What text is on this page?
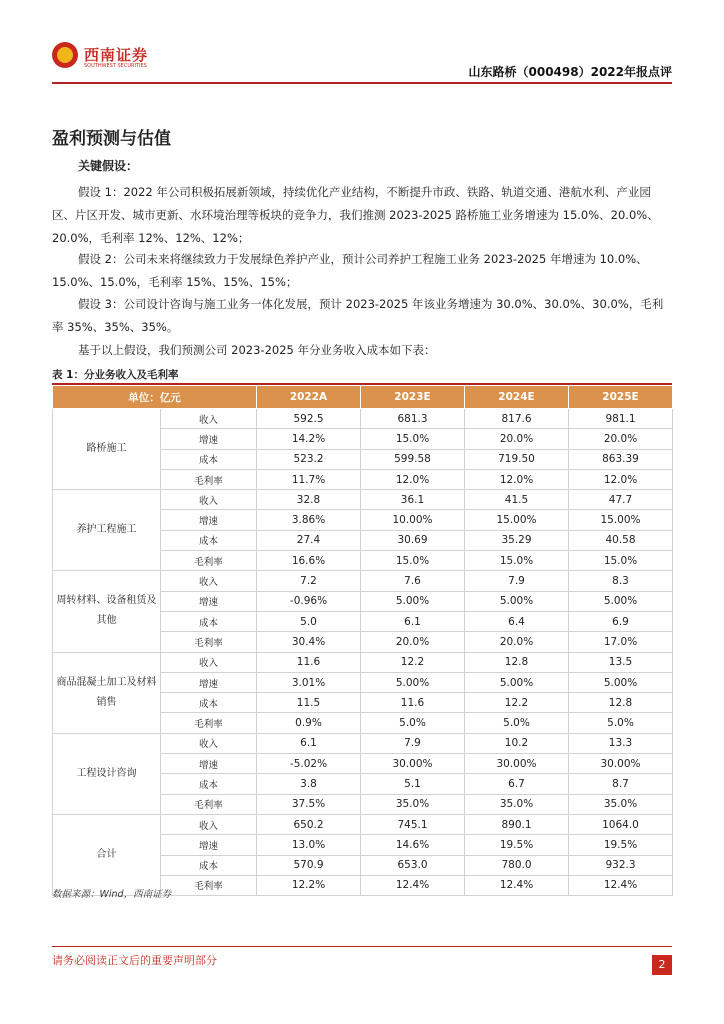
西南证券
SOUTHWEST SECURITIES	山东路桥（000498）2022年报点评
盈利预测与估值
关键假设：
假设 1：2022 年公司积极拓展新领域，持续优化产业结构，不断提升市政、铁路、轨道交通、港航水利、产业园区、片区开发、城市更新、水环境治理等板块的竞争力，我们推测 2023-2025 路桥施工业务增速为 15.0%、20.0%、20.0%，毛利率 12%、12%、12%；
假设 2：公司未来将继续致力于发展绿色养护产业，预计公司养护工程施工业务 2023-2025 年增速为 10.0%、15.0%、15.0%，毛利率 15%、15%、15%；
假设 3：公司设计咨询与施工业务一体化发展，预计 2023-2025 年该业务增速为 30.0%、30.0%、30.0%，毛利率 35%、35%、35%。
基于以上假设，我们预测公司 2023-2025 年分业务收入成本如下表：
表 1：分业务收入及毛利率
单位：亿元		2022A	2023E	2024E	2025E
路桥施工	收入	592.5	681.3	817.6	981.1
	增速	14.2%	15.0%	20.0%	20.0%
	成本	523.2	599.58	719.50	863.39
	毛利率	11.7%	12.0%	12.0%	12.0%
养护工程施工	收入	32.8	36.1	41.5	47.7
	增速	3.86%	10.00%	15.00%	15.00%
	成本	27.4	30.69	35.29	40.58
	毛利率	16.6%	15.0%	15.0%	15.0%
周转材料、设备租赁及其他	收入	7.2	7.6	7.9	8.3
	增速	-0.96%	5.00%	5.00%	5.00%
	成本	5.0	6.1	6.4	6.9
	毛利率	30.4%	20.0%	20.0%	17.0%
商品混凝土加工及材料销售	收入	11.6	12.2	12.8	13.5
	增速	3.01%	5.00%	5.00%	5.00%
	成本	11.5	11.6	12.2	12.8
	毛利率	0.9%	5.0%	5.0%	5.0%
工程设计咨询	收入	6.1	7.9	10.2	13.3
	增速	-5.02%	30.00%	30.00%	30.00%
	成本	3.8	5.1	6.7	8.7
	毛利率	37.5%	35.0%	35.0%	35.0%
合计	收入	650.2	745.1	890.1	1064.0
	增速	13.0%	14.6%	19.5%	19.5%
	成本	570.9	653.0	780.0	932.3
	毛利率	12.2%	12.4%	12.4%	12.4%
数据来源：Wind，西南证券
请务必阅读正文后的重要声明部分	2
